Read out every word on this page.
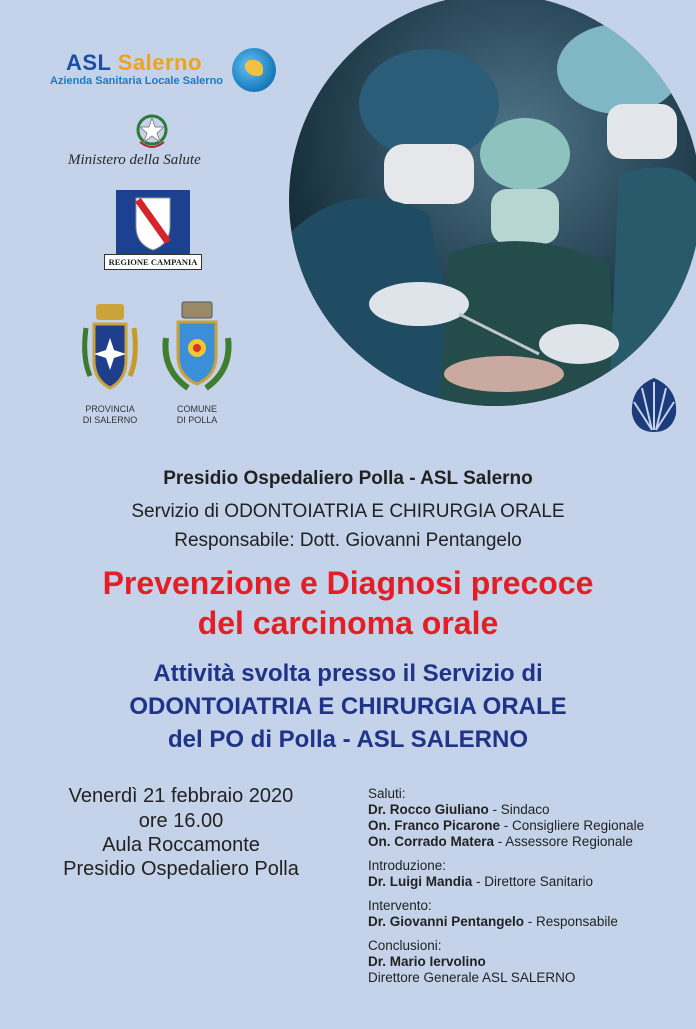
ASL Salerno
Azienda Sanitaria Locale Salerno
Ministero della Salute
REGIONE CAMPANIA
PROVINCIA
DI SALERNO
COMUNE
DI POLLA
Presidio Ospedaliero Polla - ASL Salerno
Servizio di ODONTOIATRIA E CHIRURGIA ORALE
Responsabile: Dott. Giovanni Pentangelo
Prevenzione e Diagnosi precoce
del carcinoma orale
Attività svolta presso il Servizio di
ODONTOIATRIA E CHIRURGIA ORALE
del PO di Polla - ASL SALERNO
Venerdì 21 febbraio 2020
ore 16.00
Aula Roccamonte
Presidio Ospedaliero Polla
Saluti:
Dr. Rocco Giuliano - Sindaco
On. Franco Picarone - Consigliere Regionale
On. Corrado Matera - Assessore Regionale
Introduzione:
Dr. Luigi Mandia - Direttore Sanitario
Intervento:
Dr. Giovanni Pentangelo - Responsabile
Conclusioni:
Dr. Mario Iervolino
Direttore Generale ASL SALERNO
